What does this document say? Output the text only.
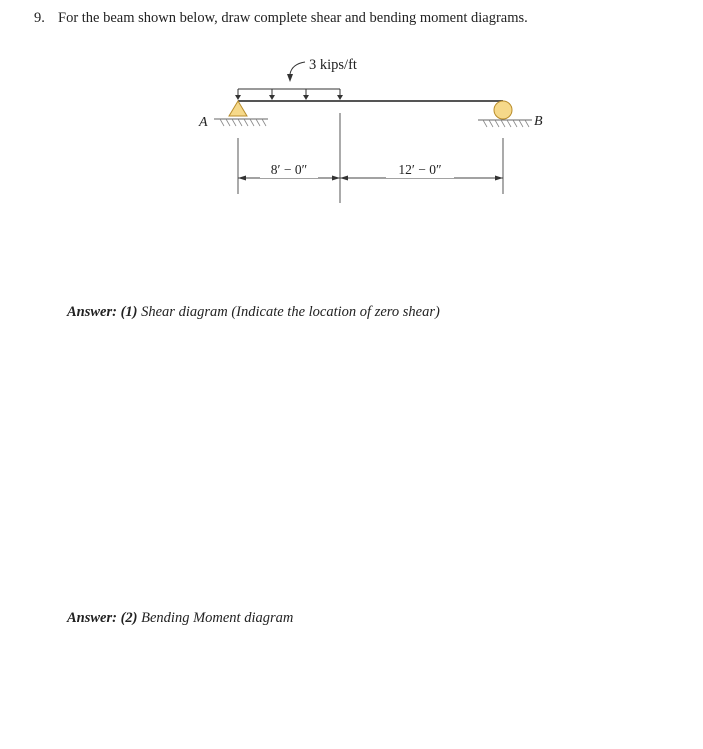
9. For the beam shown below, draw complete shear and bending moment diagrams.
3 kips/ft
A	B
8′ − 0″	12′ − 0″
Answer: (1) Shear diagram (Indicate the location of zero shear)
Answer: (2) Bending Moment diagram
